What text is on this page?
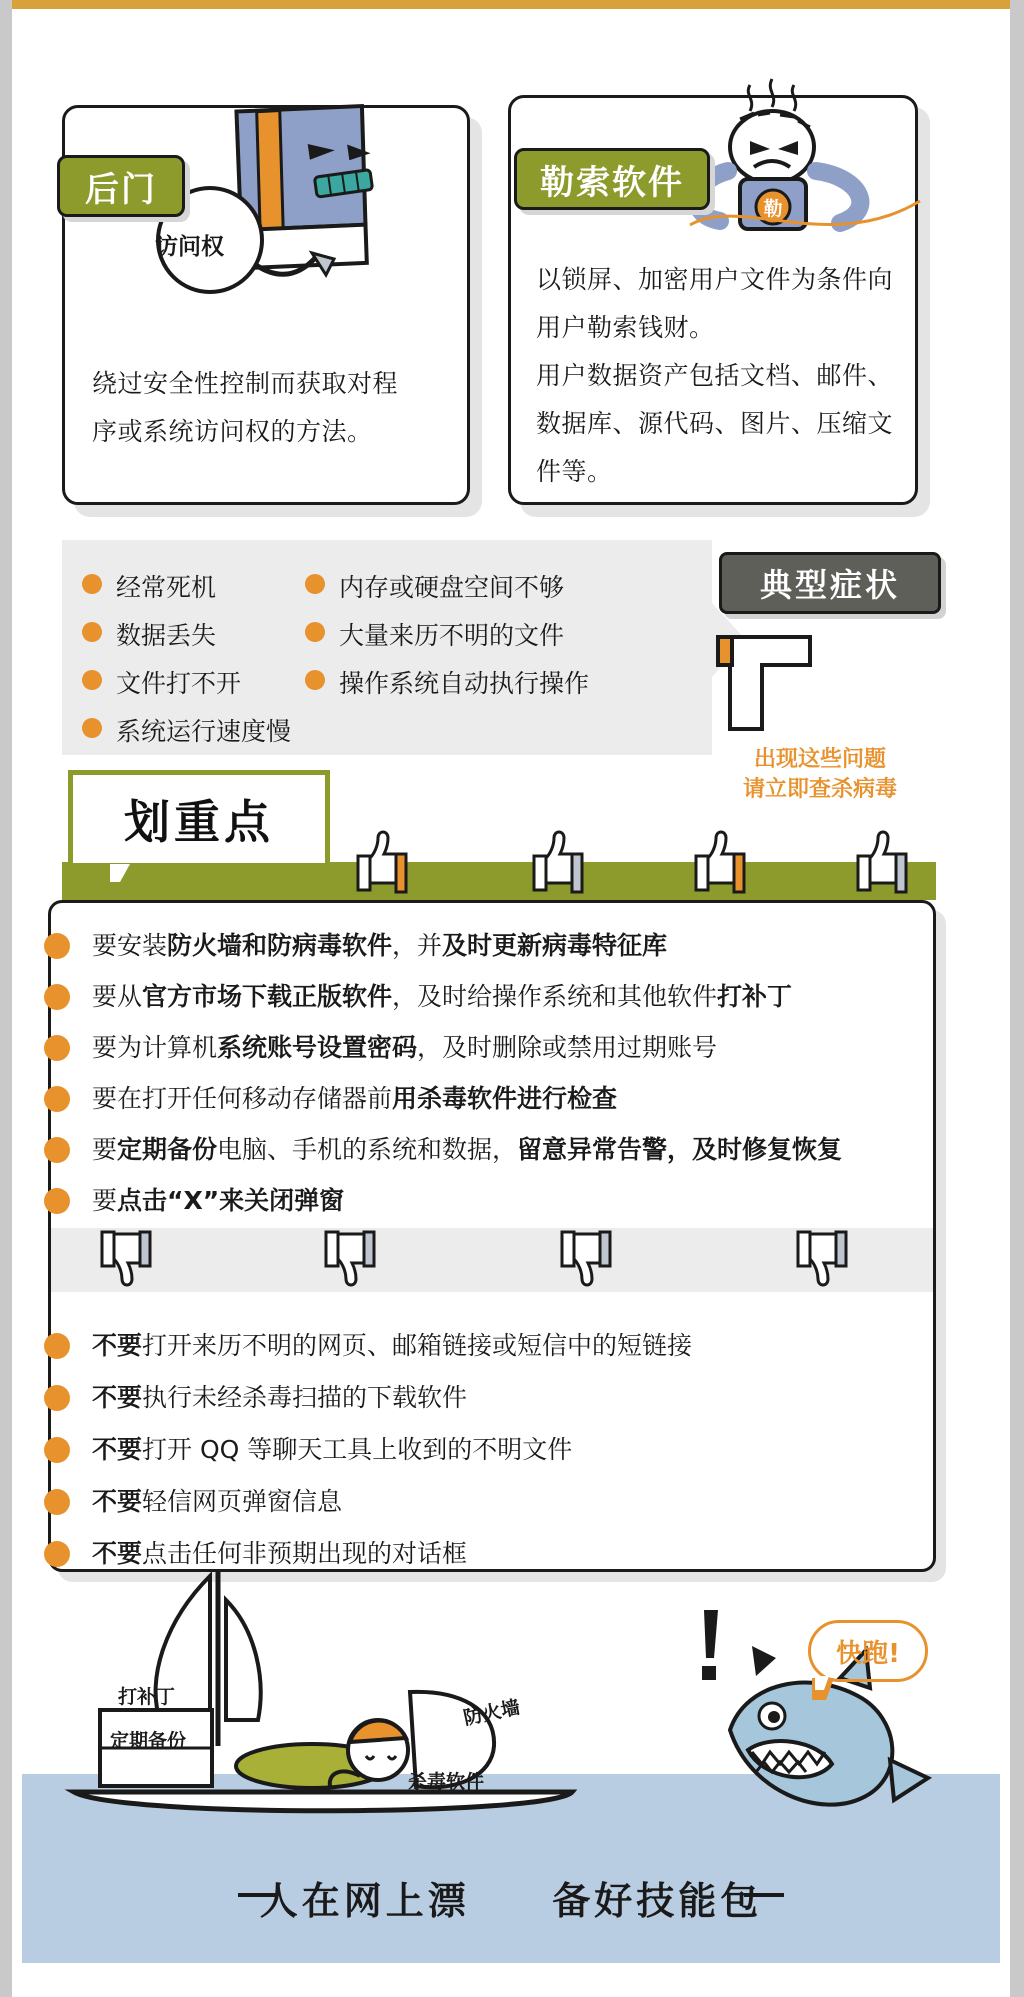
访问权
后门
绕过安全性控制而获取对程
序或系统访问权的方法。
勒
勒索软件
以锁屏、加密用户文件为条件向
用户勒索钱财。
用户数据资产包括文档、邮件、
数据库、源代码、图片、压缩文
件等。
经常死机
数据丢失
文件打不开
系统运行速度慢
内存或硬盘空间不够
大量来历不明的文件
操作系统自动执行操作
典型症状
出现这些问题
请立即查杀病毒
划重点
要安装防火墙和防病毒软件，并及时更新病毒特征库
要从官方市场下载正版软件，及时给操作系统和其他软件打补丁
要为计算机系统账号设置密码，及时删除或禁用过期账号
要在打开任何移动存储器前用杀毒软件进行检查
要定期备份电脑、手机的系统和数据，留意异常告警，及时修复恢复
要点击“X”来关闭弹窗
不要打开来历不明的网页、邮箱链接或短信中的短链接
不要执行未经杀毒扫描的下载软件
不要打开 QQ 等聊天工具上收到的不明文件
不要轻信网页弹窗信息
不要点击任何非预期出现的对话框
打补丁
定期备份
防火墙
杀毒软件
快跑!
人在网上漂 备好技能包
